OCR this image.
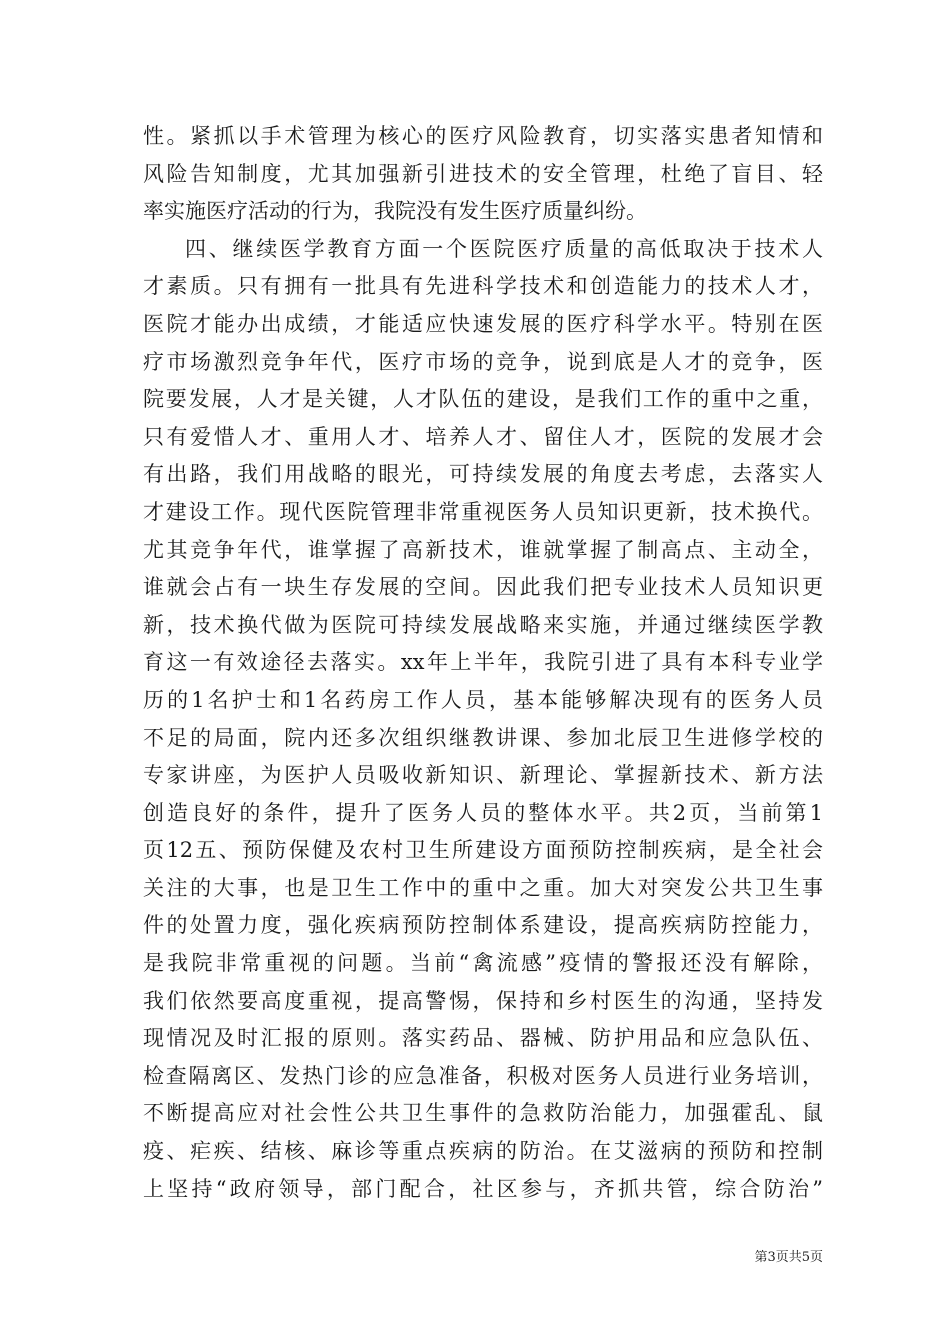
性。紧抓以手术管理为核心的医疗风险教育，切实落实患者知情和
风险告知制度，尤其加强新引进技术的安全管理，杜绝了盲目、轻
率实施医疗活动的行为，我院没有发生医疗质量纠纷。
四、继续医学教育方面一个医院医疗质量的高低取决于技术人
才素质。只有拥有一批具有先进科学技术和创造能力的技术人才，
医院才能办出成绩，才能适应快速发展的医疗科学水平。特别在医
疗市场激烈竞争年代，医疗市场的竞争，说到底是人才的竞争，医
院要发展，人才是关键，人才队伍的建设，是我们工作的重中之重，
只有爱惜人才、重用人才、培养人才、留住人才，医院的发展才会
有出路，我们用战略的眼光，可持续发展的角度去考虑，去落实人
才建设工作。现代医院管理非常重视医务人员知识更新，技术换代。
尤其竞争年代，谁掌握了高新技术，谁就掌握了制高点、主动全，
谁就会占有一块生存发展的空间。因此我们把专业技术人员知识更
新，技术换代做为医院可持续发展战略来实施，并通过继续医学教
育这一有效途径去落实。xx年上半年，我院引进了具有本科专业学
历的1名护士和1名药房工作人员，基本能够解决现有的医务人员
不足的局面，院内还多次组织继教讲课、参加北辰卫生进修学校的
专家讲座，为医护人员吸收新知识、新理论、掌握新技术、新方法
创造良好的条件，提升了医务人员的整体水平。共2页，当前第1
页12五、预防保健及农村卫生所建设方面预防控制疾病，是全社会
关注的大事，也是卫生工作中的重中之重。加大对突发公共卫生事
件的处置力度，强化疾病预防控制体系建设，提高疾病防控能力，
是我院非常重视的问题。当前“禽流感”疫情的警报还没有解除，
我们依然要高度重视，提高警惕，保持和乡村医生的沟通，坚持发
现情况及时汇报的原则。落实药品、器械、防护用品和应急队伍、
检查隔离区、发热门诊的应急准备，积极对医务人员进行业务培训，
不断提高应对社会性公共卫生事件的急救防治能力，加强霍乱、鼠
疫、疟疾、结核、麻诊等重点疾病的防治。在艾滋病的预防和控制
上坚持“政府领导，部门配合，社区参与，齐抓共管，综合防治”
第3页共5页
